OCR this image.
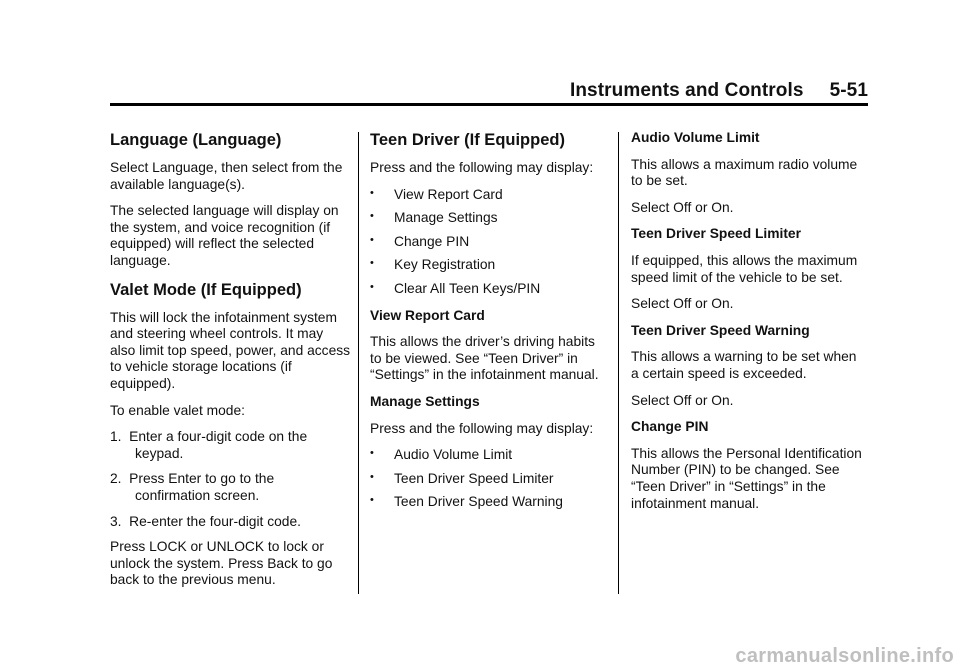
Instruments and Controls 5-51
Language (Language)

Select Language, then select from the available language(s).

The selected language will display on the system, and voice recognition (if equipped) will reflect the selected language.

Valet Mode (If Equipped)

This will lock the infotainment system and steering wheel controls. It may also limit top speed, power, and access to vehicle storage locations (if equipped).

To enable valet mode:

1.  Enter a four-digit code on the keypad.
2.  Press Enter to go to the confirmation screen.
3.  Re-enter the four-digit code.

Press LOCK or UNLOCK to lock or unlock the system. Press Back to go back to the previous menu.

Teen Driver (If Equipped)

Press and the following may display:

• View Report Card
• Manage Settings
• Change PIN
• Key Registration
• Clear All Teen Keys/PIN

View Report Card

This allows the driver’s driving habits to be viewed. See “Teen Driver” in “Settings” in the infotainment manual.

Manage Settings

Press and the following may display:

• Audio Volume Limit
• Teen Driver Speed Limiter
• Teen Driver Speed Warning

Audio Volume Limit

This allows a maximum radio volume to be set.

Select Off or On.

Teen Driver Speed Limiter

If equipped, this allows the maximum speed limit of the vehicle to be set.

Select Off or On.

Teen Driver Speed Warning

This allows a warning to be set when a certain speed is exceeded.

Select Off or On.

Change PIN

This allows the Personal Identification Number (PIN) to be changed. See “Teen Driver” in “Settings” in the infotainment manual.

carmanualsonline.info
